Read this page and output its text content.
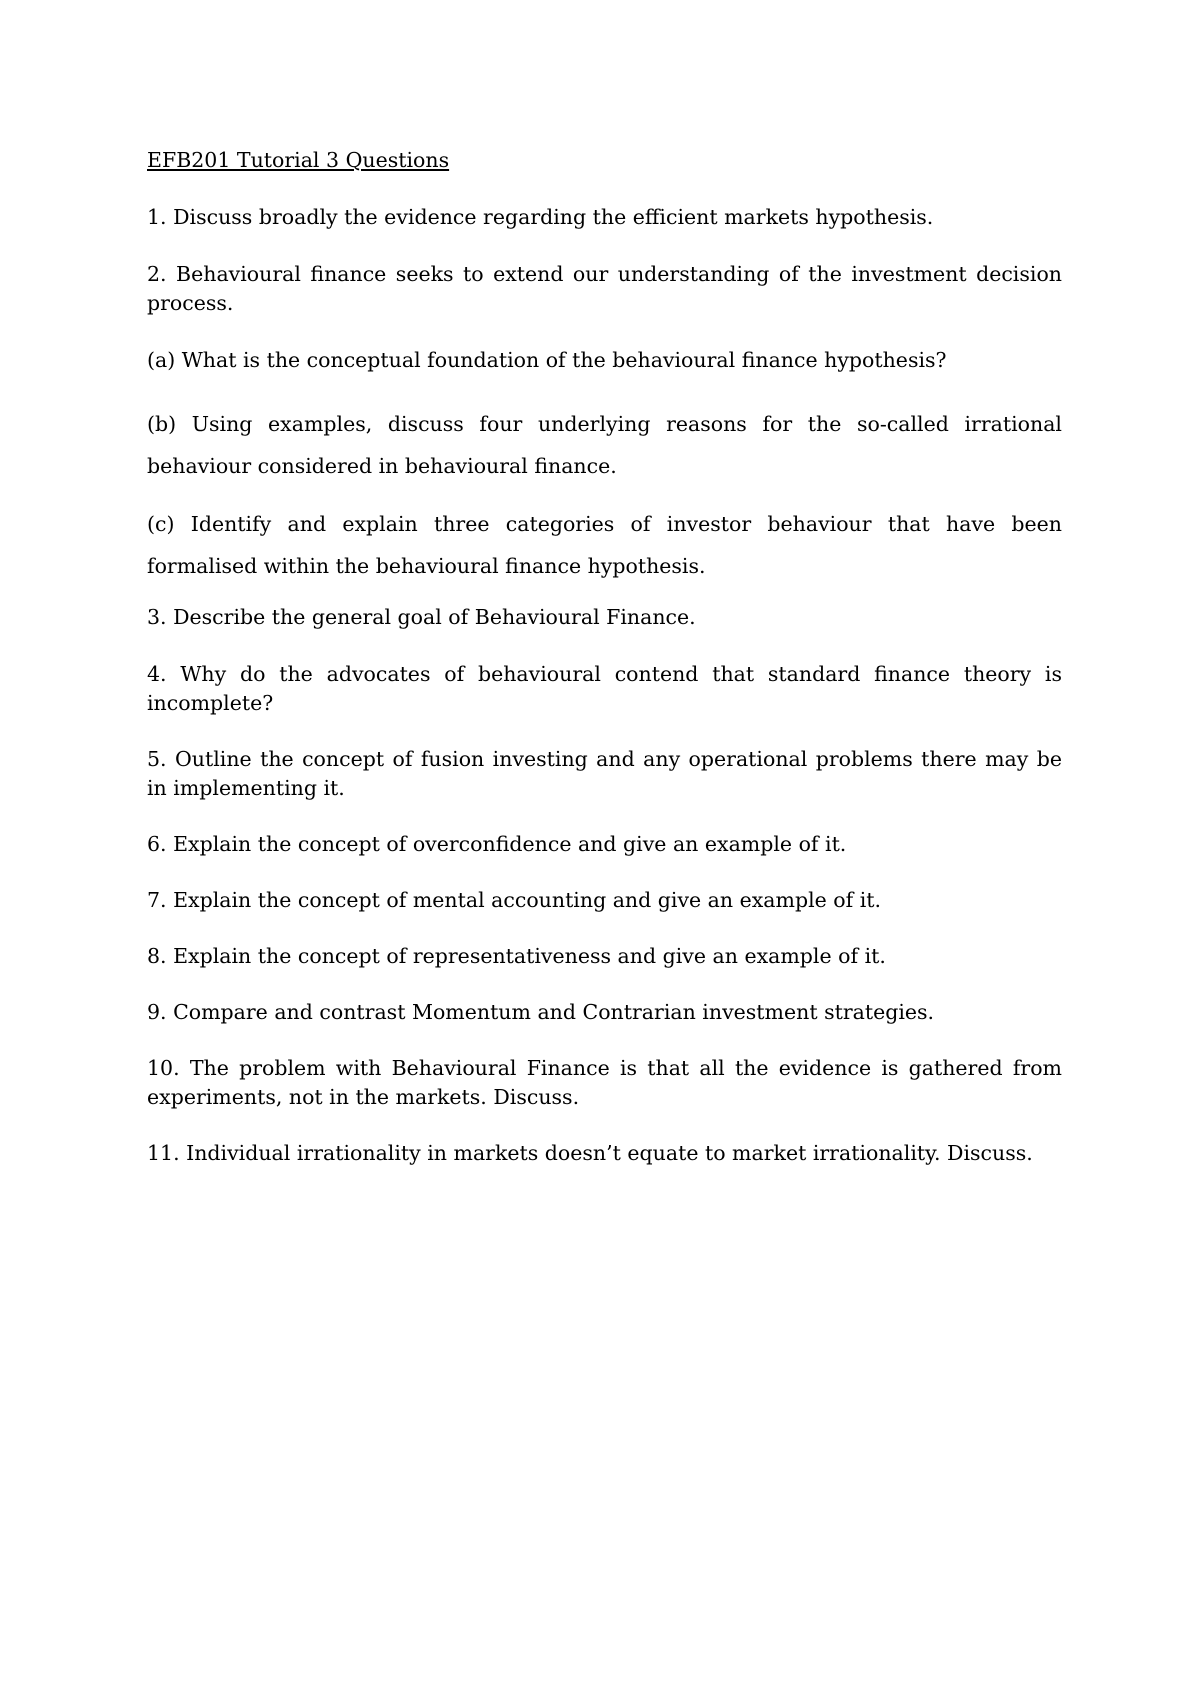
EFB201 Tutorial 3 Questions

1. Discuss broadly the evidence regarding the efficient markets hypothesis.

2. Behavioural finance seeks to extend our understanding of the investment decision process.

(a) What is the conceptual foundation of the behavioural finance hypothesis?

(b) Using examples, discuss four underlying reasons for the so-called irrational behaviour considered in behavioural finance.

(c) Identify and explain three categories of investor behaviour that have been formalised within the behavioural finance hypothesis.

3. Describe the general goal of Behavioural Finance.

4. Why do the advocates of behavioural contend that standard finance theory is incomplete?

5. Outline the concept of fusion investing and any operational problems there may be in implementing it.

6. Explain the concept of overconfidence and give an example of it.

7. Explain the concept of mental accounting and give an example of it.

8. Explain the concept of representativeness and give an example of it.

9. Compare and contrast Momentum and Contrarian investment strategies.

10. The problem with Behavioural Finance is that all the evidence is gathered from experiments, not in the markets. Discuss.

11. Individual irrationality in markets doesn’t equate to market irrationality. Discuss.
